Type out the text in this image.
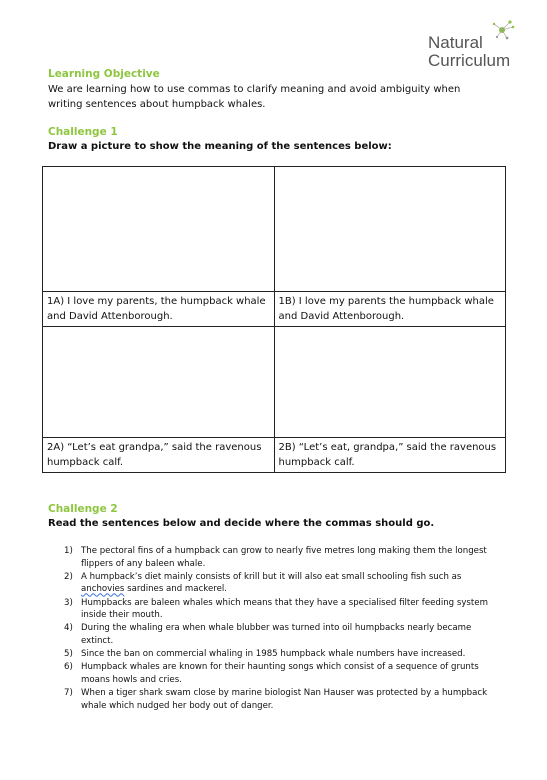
Natural
Curriculum
Learning Objective
We are learning how to use commas to clarify meaning and avoid ambiguity when writing sentences about humpback whales.
Challenge 1
Draw a picture to show the meaning of the sentences below:

1A) I love my parents, the humpback whale and David Attenborough.	1B) I love my parents the humpback whale and David Attenborough.

2A) “Let’s eat grandpa,” said the ravenous humpback calf.	2B) “Let’s eat, grandpa,” said the ravenous humpback calf.
Challenge 2
Read the sentences below and decide where the commas should go.
1) The pectoral fins of a humpback can grow to nearly five metres long making them the longest flippers of any baleen whale.
2) A humpback’s diet mainly consists of krill but it will also eat small schooling fish such as anchovies sardines and mackerel.
3) Humpbacks are baleen whales which means that they have a specialised filter feeding system inside their mouth.
4) During the whaling era when whale blubber was turned into oil humpbacks nearly became extinct.
5) Since the ban on commercial whaling in 1985 humpback whale numbers have increased.
6) Humpback whales are known for their haunting songs which consist of a sequence of grunts moans howls and cries.
7) When a tiger shark swam close by marine biologist Nan Hauser was protected by a humpback whale which nudged her body out of danger.
